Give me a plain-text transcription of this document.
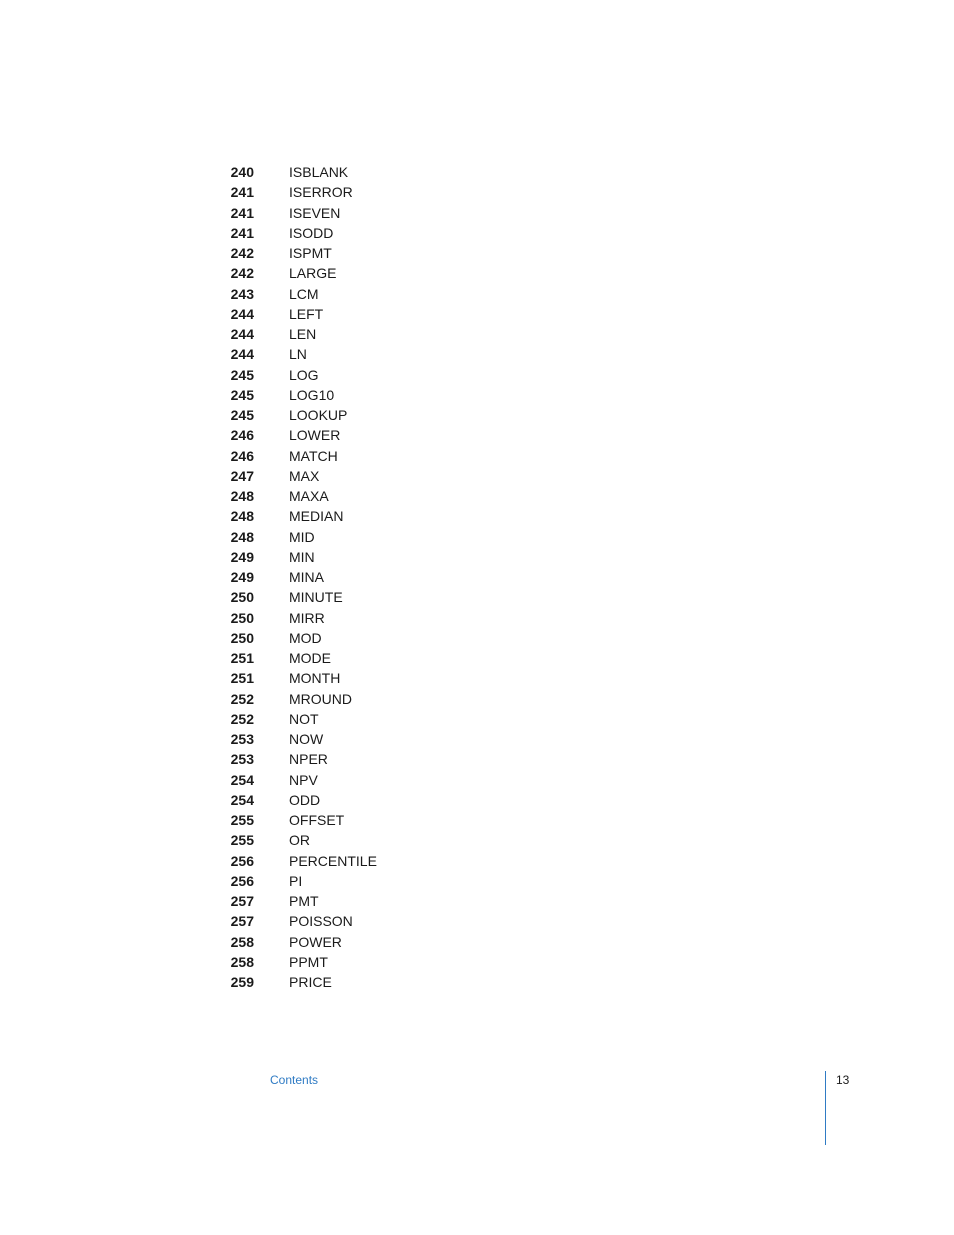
240	ISBLANK
241	ISERROR
241	ISEVEN
241	ISODD
242	ISPMT
242	LARGE
243	LCM
244	LEFT
244	LEN
244	LN
245	LOG
245	LOG10
245	LOOKUP
246	LOWER
246	MATCH
247	MAX
248	MAXA
248	MEDIAN
248	MID
249	MIN
249	MINA
250	MINUTE
250	MIRR
250	MOD
251	MODE
251	MONTH
252	MROUND
252	NOT
253	NOW
253	NPER
254	NPV
254	ODD
255	OFFSET
255	OR
256	PERCENTILE
256	PI
257	PMT
257	POISSON
258	POWER
258	PPMT
259	PRICE
Contents	13
